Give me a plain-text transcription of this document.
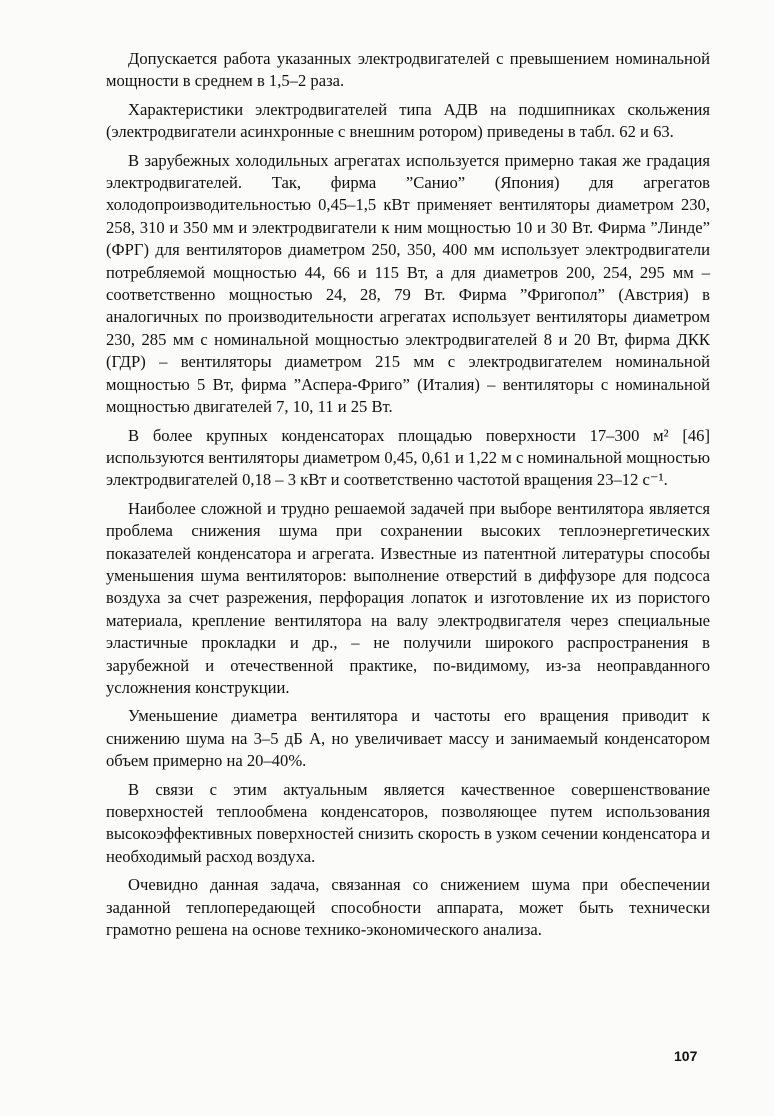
Допускается работа указанных электродвигателей с превышением номинальной мощности в среднем в 1,5–2 раза.

Характеристики электродвигателей типа АДВ на подшипниках скольжения (электродвигатели асинхронные с внешним ротором) приведены в табл. 62 и 63.

В зарубежных холодильных агрегатах используется примерно такая же градация электродвигателей. Так, фирма ”Санио” (Япония) для агрегатов холодопроизводительностью 0,45–1,5 кВт применяет вентиляторы диаметром 230, 258, 310 и 350 мм и электродвигатели к ним мощностью 10 и 30 Вт. Фирма ”Линде” (ФРГ) для вентиляторов диаметром 250, 350, 400 мм использует электродвигатели потребляемой мощностью 44, 66 и 115 Вт, а для диаметров 200, 254, 295 мм – соответственно мощностью 24, 28, 79 Вт. Фирма ”Фригопол” (Австрия) в аналогичных по производительности агрегатах использует вентиляторы диаметром 230, 285 мм с номинальной мощностью электродвигателей 8 и 20 Вт, фирма ДКК (ГДР) – вентиляторы диаметром 215 мм с электродвигателем номинальной мощностью 5 Вт, фирма ”Аспера-Фриго” (Италия) – вентиляторы с номинальной мощностью двигателей 7, 10, 11 и 25 Вт.

В более крупных конденсаторах площадью поверхности 17–300 м² [46] используются вентиляторы диаметром 0,45, 0,61 и 1,22 м с номинальной мощностью электродвигателей 0,18 – 3 кВт и соответственно частотой вращения 23–12 с⁻¹.

Наиболее сложной и трудно решаемой задачей при выборе вентилятора является проблема снижения шума при сохранении высоких теплоэнергетических показателей конденсатора и агрегата. Известные из патентной литературы способы уменьшения шума вентиляторов: выполнение отверстий в диффузоре для подсоса воздуха за счет разрежения, перфорация лопаток и изготовление их из пористого материала, крепление вентилятора на валу электродвигателя через специальные эластичные прокладки и др., – не получили широкого распространения в зарубежной и отечественной практике, по-видимому, из-за неоправданного усложнения конструкции.

Уменьшение диаметра вентилятора и частоты его вращения приводит к снижению шума на 3–5 дБ А, но увеличивает массу и занимаемый конденсатором объем примерно на 20–40%.

В связи с этим актуальным является качественное совершенствование поверхностей теплообмена конденсаторов, позволяющее путем использования высокоэффективных поверхностей снизить скорость в узком сечении конденсатора и необходимый расход воздуха.

Очевидно данная задача, связанная со снижением шума при обеспечении заданной теплопередающей способности аппарата, может быть технически грамотно решена на основе технико-экономического анализа.

107
